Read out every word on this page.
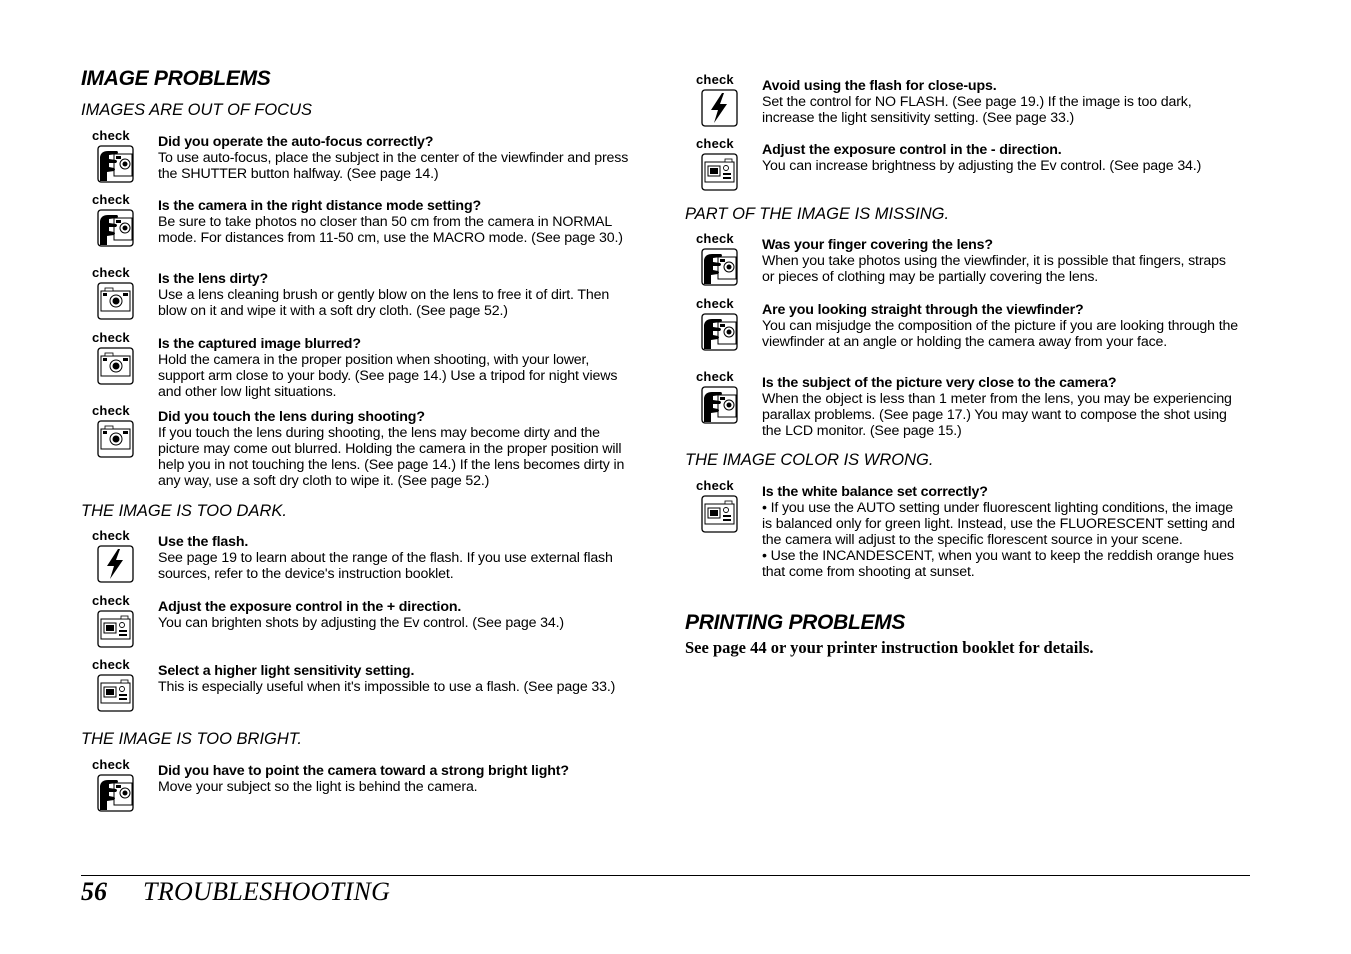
IMAGE PROBLEMS
IMAGES ARE OUT OF FOCUS
check Did you operate the auto-focus correctly?
To use auto-focus, place the subject in the center of the viewfinder and press the SHUTTER button halfway. (See page 14.)
check Is the camera in the right distance mode setting?
Be sure to take photos no closer than 50 cm from the camera in NORMAL mode. For distances from 11-50 cm, use the MACRO mode. (See page 30.)
check Is the lens dirty?
Use a lens cleaning brush or gently blow on the lens to free it of dirt. Then blow on it and wipe it with a soft dry cloth. (See page 52.)
check Is the captured image blurred?
Hold the camera in the proper position when shooting, with your lower, support arm close to your body. (See page 14.) Use a tripod for night views and other low light situations.
check Did you touch the lens during shooting?
If you touch the lens during shooting, the lens may become dirty and the picture may come out blurred. Holding the camera in the proper position will help you in not touching the lens. (See page 14.) If the lens becomes dirty in any way, use a soft dry cloth to wipe it. (See page 52.)
THE IMAGE IS TOO DARK.
check Use the flash.
See page 19 to learn about the range of the flash. If you use external flash sources, refer to the device's instruction booklet.
check Adjust the exposure control in the + direction.
You can brighten shots by adjusting the Ev control. (See page 34.)
check Select a higher light sensitivity setting.
This is especially useful when it's impossible to use a flash. (See page 33.)
THE IMAGE IS TOO BRIGHT.
check Did you have to point the camera toward a strong bright light?
Move your subject so the light is behind the camera.
check Avoid using the flash for close-ups.
Set the control for NO FLASH. (See page 19.) If the image is too dark, increase the light sensitivity setting. (See page 33.)
check Adjust the exposure control in the - direction.
You can increase brightness by adjusting the Ev control. (See page 34.)
PART OF THE IMAGE IS MISSING.
check Was your finger covering the lens?
When you take photos using the viewfinder, it is possible that fingers, straps or pieces of clothing may be partially covering the lens.
check Are you looking straight through the viewfinder?
You can misjudge the composition of the picture if you are looking through the viewfinder at an angle or holding the camera away from your face.
check Is the subject of the picture very close to the camera?
When the object is less than 1 meter from the lens, you may be experiencing parallax problems. (See page 17.) You may want to compose the shot using the LCD monitor. (See page 15.)
THE IMAGE COLOR IS WRONG.
check Is the white balance set correctly?
• If you use the AUTO setting under fluorescent lighting conditions, the image is balanced only for green light. Instead, use the FLUORESCENT setting and the camera will adjust to the specific florescent source in your scene.
• Use the INCANDESCENT, when you want to keep the reddish orange hues that come from shooting at sunset.
PRINTING PROBLEMS
See page 44 or your printer instruction booklet for details.
56 TROUBLESHOOTING
